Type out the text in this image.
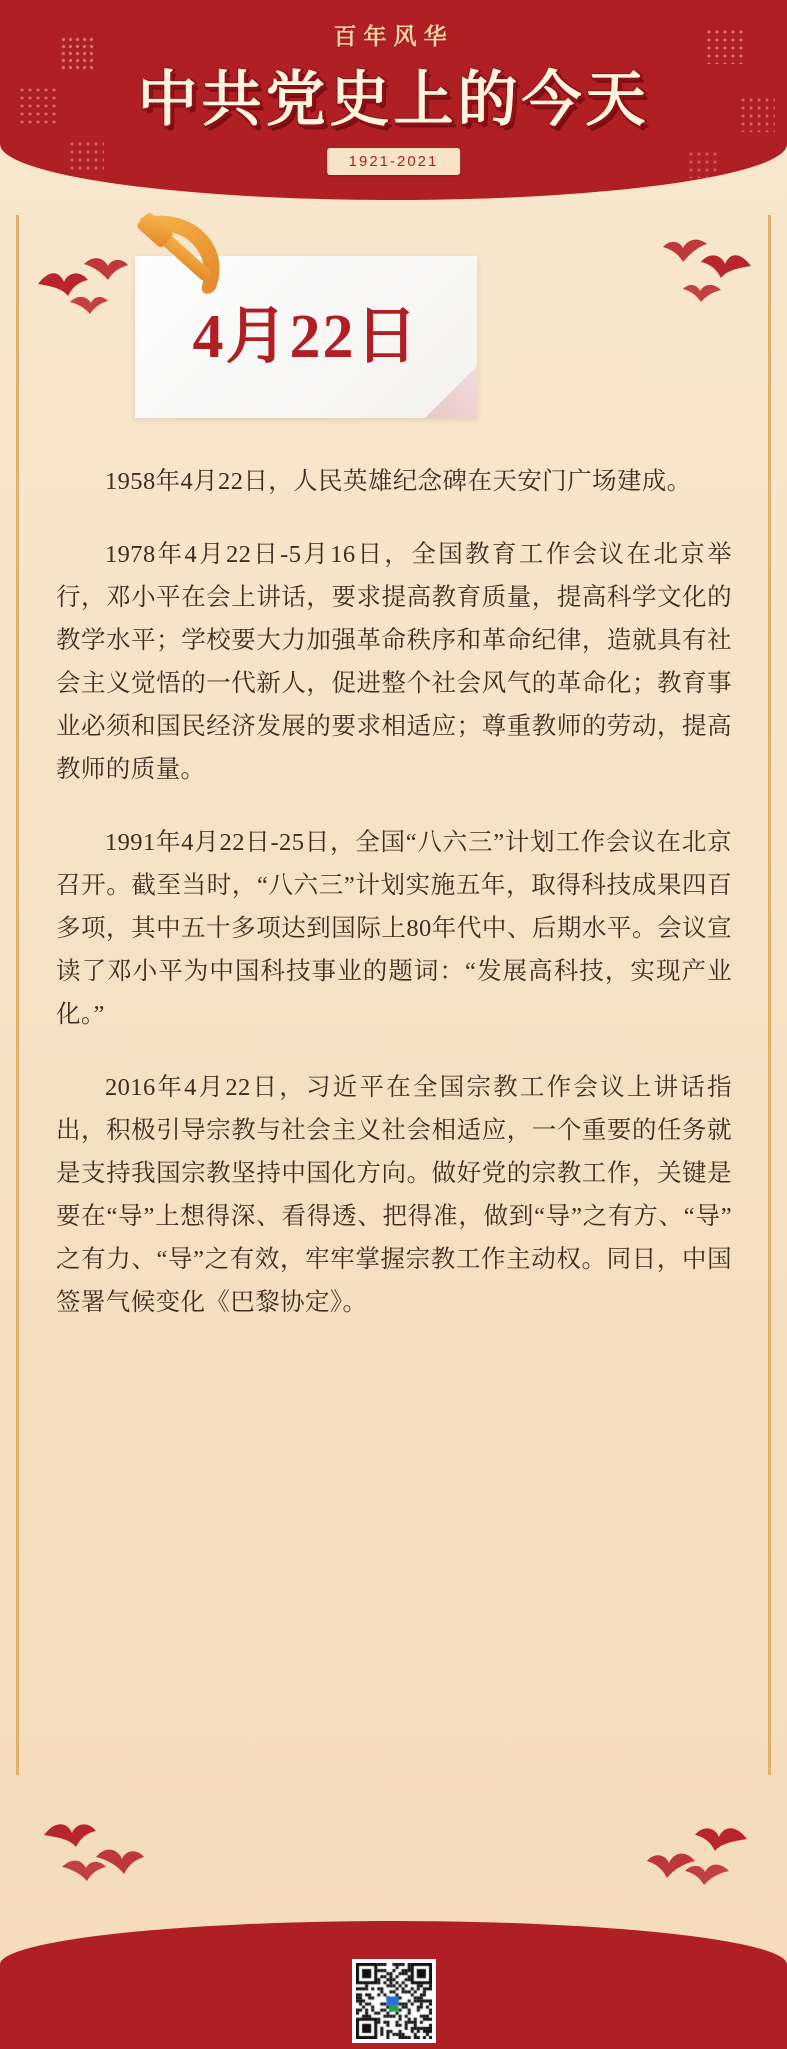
百年风华
中共党史上的今天
1921-2021
4月22日

1958年4月22日，人民英雄纪念碑在天安门广场建成。

1978年4月22日-5月16日，全国教育工作会议在北京举行，邓小平在会上讲话，要求提高教育质量，提高科学文化的教学水平；学校要大力加强革命秩序和革命纪律，造就具有社会主义觉悟的一代新人，促进整个社会风气的革命化；教育事业必须和国民经济发展的要求相适应；尊重教师的劳动，提高教师的质量。

1991年4月22日-25日，全国“八六三”计划工作会议在北京召开。截至当时，“八六三”计划实施五年，取得科技成果四百多项，其中五十多项达到国际上80年代中、后期水平。会议宣读了邓小平为中国科技事业的题词：“发展高科技，实现产业化。”

2016年4月22日，习近平在全国宗教工作会议上讲话指出，积极引导宗教与社会主义社会相适应，一个重要的任务就是支持我国宗教坚持中国化方向。做好党的宗教工作，关键是要在“导”上想得深、看得透、把得准，做到“导”之有方、“导”之有力、“导”之有效，牢牢掌握宗教工作主动权。同日，中国签署气候变化《巴黎协定》。
